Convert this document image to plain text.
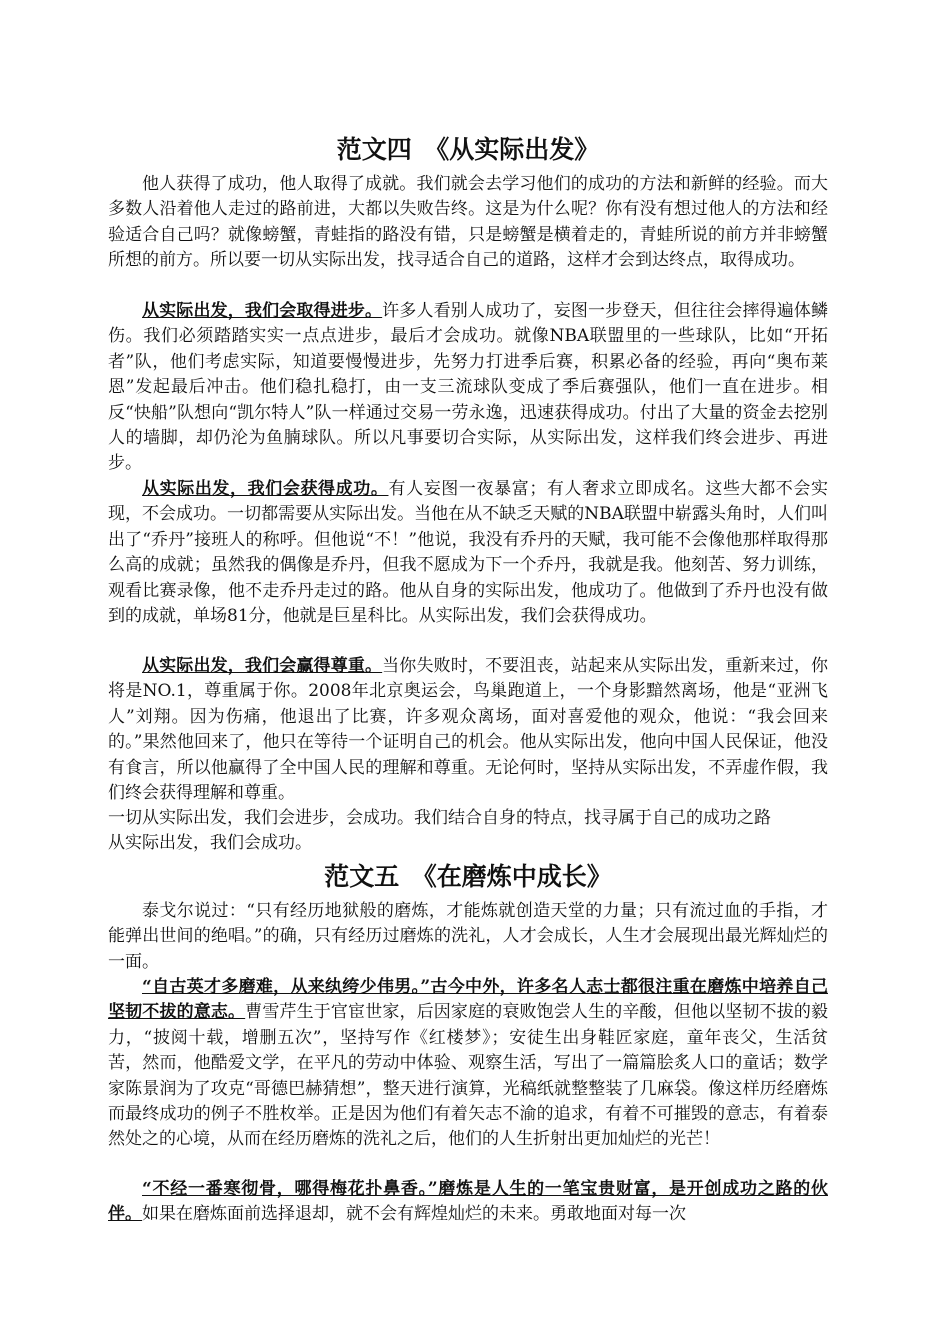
范文四　《从实际出发》

他人获得了成功，他人取得了成就。我们就会去学习他们的成功的方法和新鲜的经验。而大多数人沿着他人走过的路前进，大都以失败告终。这是为什么呢？你有没有想过他人的方法和经验适合自己吗？就像螃蟹，青蛙指的路没有错，只是螃蟹是横着走的，青蛙所说的前方并非螃蟹所想的前方。所以要一切从实际出发，找寻适合自己的道路，这样才会到达终点，取得成功。

从实际出发，我们会取得进步。许多人看别人成功了，妄图一步登天，但往往会摔得遍体鳞伤。我们必须踏踏实实一点点进步，最后才会成功。就像NBA联盟里的一些球队，比如“开拓者”队，他们考虑实际，知道要慢慢进步，先努力打进季后赛，积累必备的经验，再向“奥布莱恩”发起最后冲击。他们稳扎稳打，由一支三流球队变成了季后赛强队，他们一直在进步。相反“快船”队想向“凯尔特人”队一样通过交易一劳永逸，迅速获得成功。付出了大量的资金去挖别人的墙脚，却仍沦为鱼腩球队。所以凡事要切合实际，从实际出发，这样我们终会进步、再进步。

从实际出发，我们会获得成功。有人妄图一夜暴富；有人奢求立即成名。这些大都不会实现，不会成功。一切都需要从实际出发。当他在从不缺乏天赋的NBA联盟中崭露头角时，人们叫出了“乔丹”接班人的称呼。但他说“不！”他说，我没有乔丹的天赋，我可能不会像他那样取得那么高的成就；虽然我的偶像是乔丹，但我不愿成为下一个乔丹，我就是我。他刻苦、努力训练，观看比赛录像，他不走乔丹走过的路。他从自身的实际出发，他成功了。他做到了乔丹也没有做到的成就，单场81分，他就是巨星科比。从实际出发，我们会获得成功。

从实际出发，我们会赢得尊重。当你失败时，不要沮丧，站起来从实际出发，重新来过，你将是NO.1，尊重属于你。2008年北京奥运会，鸟巢跑道上，一个身影黯然离场，他是“亚洲飞人”刘翔。因为伤痛，他退出了比赛，许多观众离场，面对喜爱他的观众，他说：“我会回来的。”果然他回来了，他只在等待一个证明自己的机会。他从实际出发，他向中国人民保证，他没有食言，所以他赢得了全中国人民的理解和尊重。无论何时，坚持从实际出发，不弄虚作假，我们终会获得理解和尊重。

一切从实际出发，我们会进步，会成功。我们结合自身的特点，找寻属于自己的成功之路

从实际出发，我们会成功。

范文五　《在磨炼中成长》

泰戈尔说过：“只有经历地狱般的磨炼，才能炼就创造天堂的力量；只有流过血的手指，才能弹出世间的绝唱。”的确，只有经历过磨炼的洗礼，人才会成长，人生才会展现出最光辉灿烂的一面。

“自古英才多磨难，从来纨绔少伟男。”古今中外，许多名人志士都很注重在磨炼中培养自己坚韧不拔的意志。曹雪芹生于官宦世家，后因家庭的衰败饱尝人生的辛酸，但他以坚韧不拔的毅力，“披阅十载，增删五次”，坚持写作《红楼梦》；安徒生出身鞋匠家庭，童年丧父，生活贫苦，然而，他酷爱文学，在平凡的劳动中体验、观察生活，写出了一篇篇脍炙人口的童话；数学家陈景润为了攻克“哥德巴赫猜想”，整天进行演算，光稿纸就整整装了几麻袋。像这样历经磨炼而最终成功的例子不胜枚举。正是因为他们有着矢志不渝的追求，有着不可摧毁的意志，有着泰然处之的心境，从而在经历磨炼的洗礼之后，他们的人生折射出更加灿烂的光芒！

“不经一番寒彻骨，哪得梅花扑鼻香。”磨炼是人生的一笔宝贵财富，是开创成功之路的伙伴。如果在磨炼面前选择退却，就不会有辉煌灿烂的未来。勇敢地面对每一次
